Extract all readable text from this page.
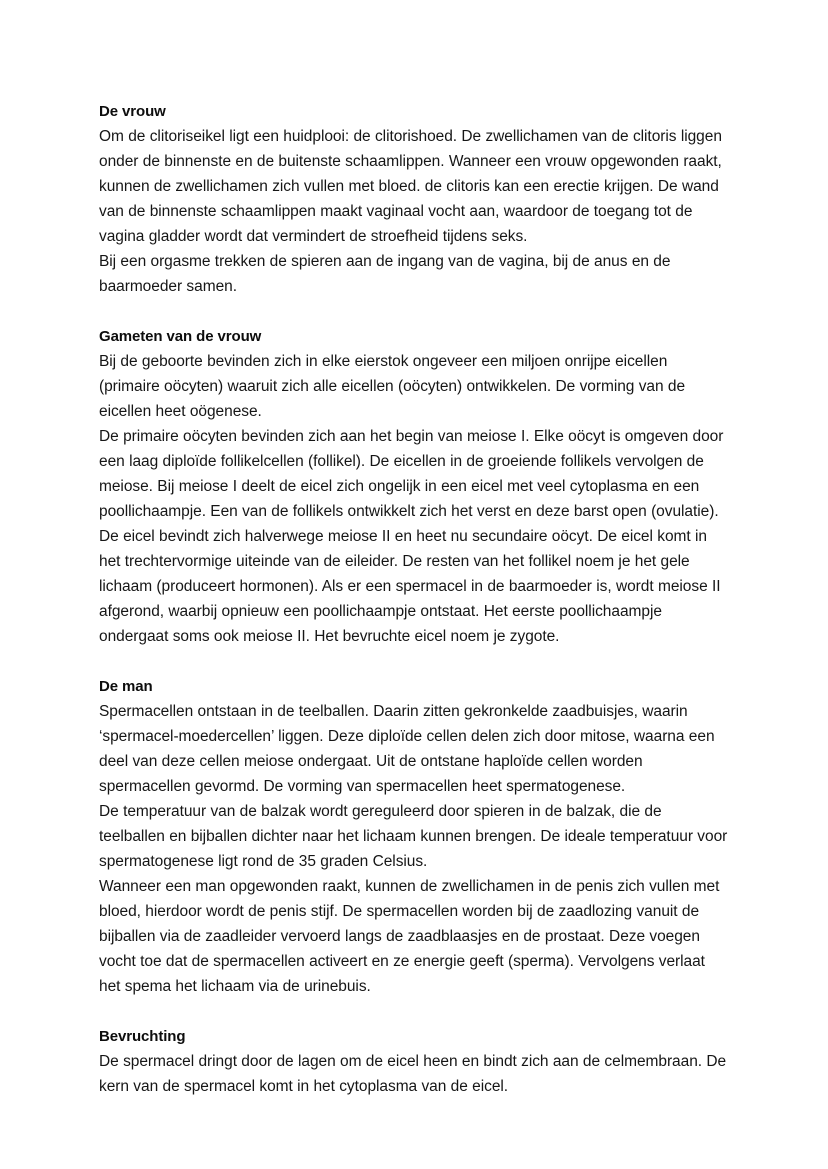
De vrouw

Om de clitoriseikel ligt een huidplooi: de clitorishoed. De zwellichamen van de clitoris liggen onder de binnenste en de buitenste schaamlippen. Wanneer een vrouw opgewonden raakt, kunnen de zwellichamen zich vullen met bloed. de clitoris kan een erectie krijgen. De wand van de binnenste schaamlippen maakt vaginaal vocht aan, waardoor de toegang tot de vagina gladder wordt dat vermindert de stroefheid tijdens seks.

Bij een orgasme trekken de spieren aan de ingang van de vagina, bij de anus en de baarmoeder samen.

Gameten van de vrouw

Bij de geboorte bevinden zich in elke eierstok ongeveer een miljoen onrijpe eicellen (primaire oöcyten) waaruit zich alle eicellen (oöcyten) ontwikkelen. De vorming van de eicellen heet oögenese.

De primaire oöcyten bevinden zich aan het begin van meiose I. Elke oöcyt is omgeven door een laag diploïde follikelcellen (follikel). De eicellen in de groeiende follikels vervolgen de meiose. Bij meiose I deelt de eicel zich ongelijk in een eicel met veel cytoplasma en een poollichaampje. Een van de follikels ontwikkelt zich het verst en deze barst open (ovulatie). De eicel bevindt zich halverwege meiose II en heet nu secundaire oöcyt. De eicel komt in het trechtervormige uiteinde van de eileider. De resten van het follikel noem je het gele lichaam (produceert hormonen). Als er een spermacel in de baarmoeder is, wordt meiose II afgerond, waarbij opnieuw een poollichaampje ontstaat. Het eerste poollichaampje ondergaat soms ook meiose II. Het bevruchte eicel noem je zygote.

De man

Spermacellen ontstaan in de teelballen. Daarin zitten gekronkelde zaadbuisjes, waarin ‘spermacel-moedercellen’ liggen. Deze diploïde cellen delen zich door mitose, waarna een deel van deze cellen meiose ondergaat. Uit de ontstane haploïde cellen worden spermacellen gevormd. De vorming van spermacellen heet spermatogenese.

De temperatuur van de balzak wordt gereguleerd door spieren in de balzak, die de teelballen en bijballen dichter naar het lichaam kunnen brengen. De ideale temperatuur voor spermatogenese ligt rond de 35 graden Celsius.

Wanneer een man opgewonden raakt, kunnen de zwellichamen in de penis zich vullen met bloed, hierdoor wordt de penis stijf. De spermacellen worden bij de zaadlozing vanuit de bijballen via de zaadleider vervoerd langs de zaadblaasjes en de prostaat. Deze voegen vocht toe dat de spermacellen activeert en ze energie geeft (sperma). Vervolgens verlaat het spema het lichaam via de urinebuis.

Bevruchting

De spermacel dringt door de lagen om de eicel heen en bindt zich aan de celmembraan. De kern van de spermacel komt in het cytoplasma van de eicel.
